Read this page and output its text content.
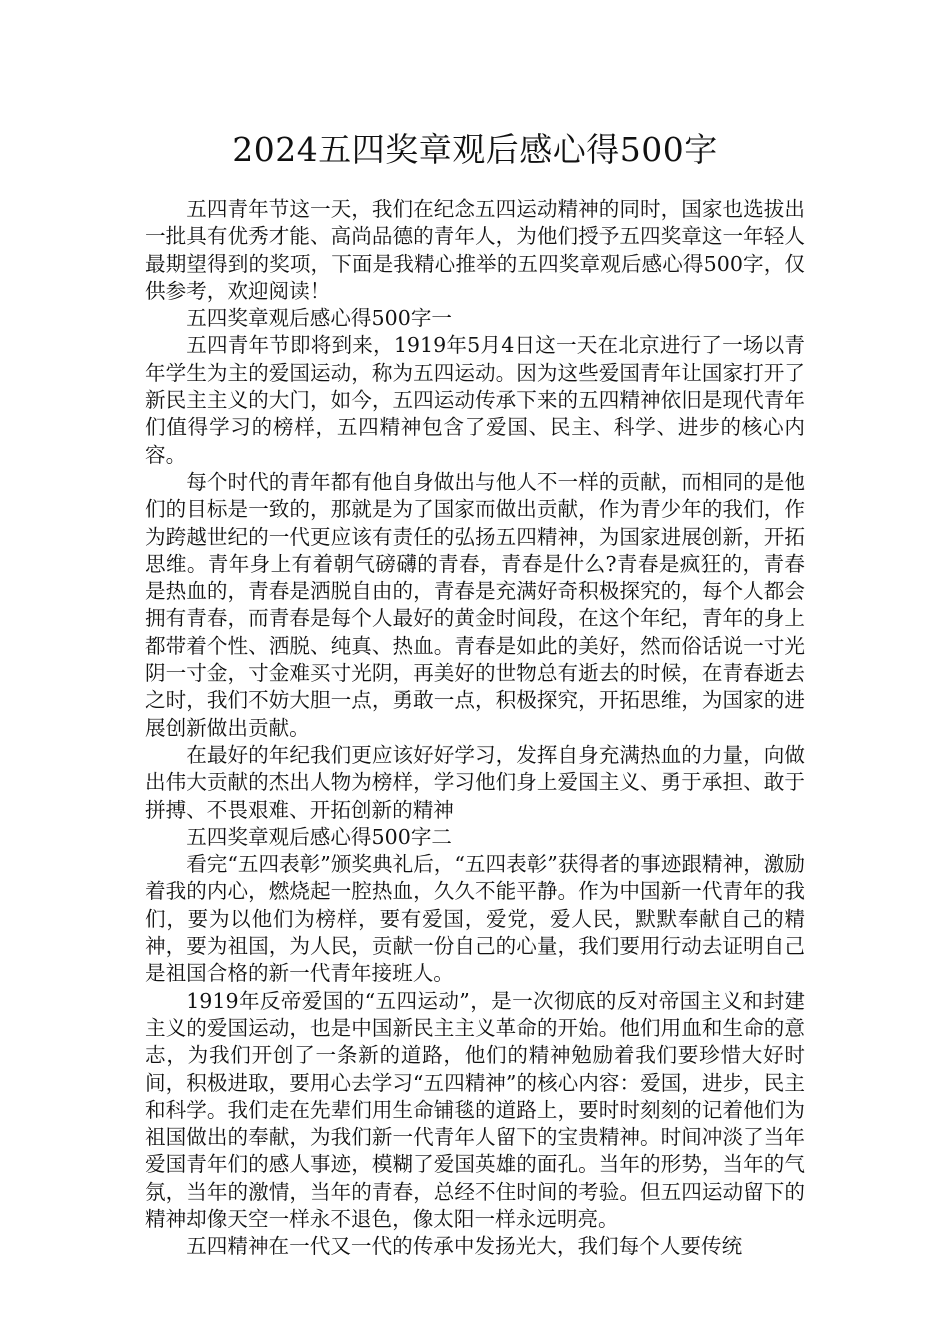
2024五四奖章观后感心得500字

五四青年节这一天，我们在纪念五四运动精神的同时，国家也选拔出一批具有优秀才能、高尚品德的青年人，为他们授予五四奖章这一年轻人最期望得到的奖项，下面是我精心推举的五四奖章观后感心得500字，仅供参考，欢迎阅读！

五四奖章观后感心得500字一

五四青年节即将到来，1919年5月4日这一天在北京进行了一场以青年学生为主的爱国运动，称为五四运动。因为这些爱国青年让国家打开了新民主主义的大门，如今，五四运动传承下来的五四精神依旧是现代青年们值得学习的榜样，五四精神包含了爱国、民主、科学、进步的核心内容。

每个时代的青年都有他自身做出与他人不一样的贡献，而相同的是他们的目标是一致的，那就是为了国家而做出贡献，作为青少年的我们，作为跨越世纪的一代更应该有责任的弘扬五四精神，为国家进展创新，开拓思维。青年身上有着朝气磅礴的青春，青春是什么?青春是疯狂的，青春是热血的，青春是洒脱自由的，青春是充满好奇积极探究的，每个人都会拥有青春，而青春是每个人最好的黄金时间段，在这个年纪，青年的身上都带着个性、洒脱、纯真、热血。青春是如此的美好，然而俗话说一寸光阴一寸金，寸金难买寸光阴，再美好的世物总有逝去的时候，在青春逝去之时，我们不妨大胆一点，勇敢一点，积极探究，开拓思维，为国家的进展创新做出贡献。

在最好的年纪我们更应该好好学习，发挥自身充满热血的力量，向做出伟大贡献的杰出人物为榜样，学习他们身上爱国主义、勇于承担、敢于拼搏、不畏艰难、开拓创新的精神

五四奖章观后感心得500字二

看完“五四表彰”颁奖典礼后，“五四表彰”获得者的事迹跟精神，激励着我的内心，燃烧起一腔热血，久久不能平静。作为中国新一代青年的我们，要为以他们为榜样，要有爱国，爱党，爱人民，默默奉献自己的精神，要为祖国，为人民，贡献一份自己的心量，我们要用行动去证明自己是祖国合格的新一代青年接班人。

1919年反帝爱国的“五四运动”，是一次彻底的反对帝国主义和封建主义的爱国运动，也是中国新民主主义革命的开始。他们用血和生命的意志，为我们开创了一条新的道路，他们的精神勉励着我们要珍惜大好时间，积极进取，要用心去学习“五四精神”的核心内容：爱国，进步，民主和科学。我们走在先辈们用生命铺毯的道路上，要时时刻刻的记着他们为祖国做出的奉献，为我们新一代青年人留下的宝贵精神。时间冲淡了当年爱国青年们的感人事迹，模糊了爱国英雄的面孔。当年的形势，当年的气氛，当年的激情，当年的青春，总经不住时间的考验。但五四运动留下的精神却像天空一样永不退色，像太阳一样永远明亮。

五四精神在一代又一代的传承中发扬光大，我们每个人要传统
